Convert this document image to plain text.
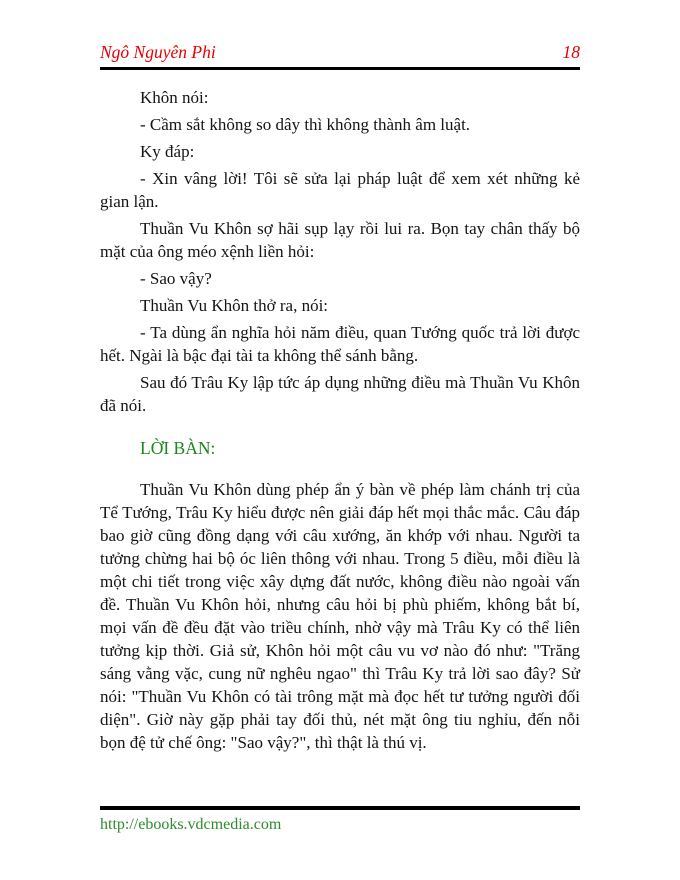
Ngô Nguyên Phi	18

Khôn nói:

- Cầm sắt không so dây thì không thành âm luật.

Ky đáp:

- Xin vâng lời! Tôi sẽ sửa lại pháp luật để xem xét những kẻ gian lận.

Thuần Vu Khôn sợ hãi sụp lạy rồi lui ra. Bọn tay chân thấy bộ mặt của ông méo xệnh liền hỏi:

- Sao vậy?

Thuần Vu Khôn thở ra, nói:

- Ta dùng ẩn nghĩa hỏi năm điều, quan Tướng quốc trả lời được hết. Ngài là bậc đại tài ta không thể sánh bằng.

Sau đó Trâu Ky lập tức áp dụng những điều mà Thuần Vu Khôn đã nói.

LỜI BÀN:

Thuần Vu Khôn dùng phép ẩn ý bàn về phép làm chánh trị của Tể Tướng, Trâu Ky hiểu được nên giải đáp hết mọi thắc mắc. Câu đáp bao giờ cũng đồng dạng với câu xướng, ăn khớp với nhau. Người ta tưởng chừng hai bộ óc liên thông với nhau. Trong 5 điều, mỗi điều là một chi tiết trong việc xây dựng đất nước, không điều nào ngoài vấn đề. Thuần Vu Khôn hỏi, nhưng câu hỏi bị phù phiếm, không bắt bí, mọi vấn đề đều đặt vào triều chính, nhờ vậy mà Trâu Ky có thể liên tưởng kịp thời. Giả sử, Khôn hỏi một câu vu vơ nào đó như: "Trăng sáng vằng vặc, cung nữ nghêu ngao" thì Trâu Ky trả lời sao đây? Sử nói: "Thuần Vu Khôn có tài trông mặt mà đọc hết tư tưởng người đối diện". Giờ này gặp phải tay đối thủ, nét mặt ông tiu nghỉu, đến nỗi bọn đệ tử chế ông: "Sao vậy?", thì thật là thú vị.

http://ebooks.vdcmedia.com
